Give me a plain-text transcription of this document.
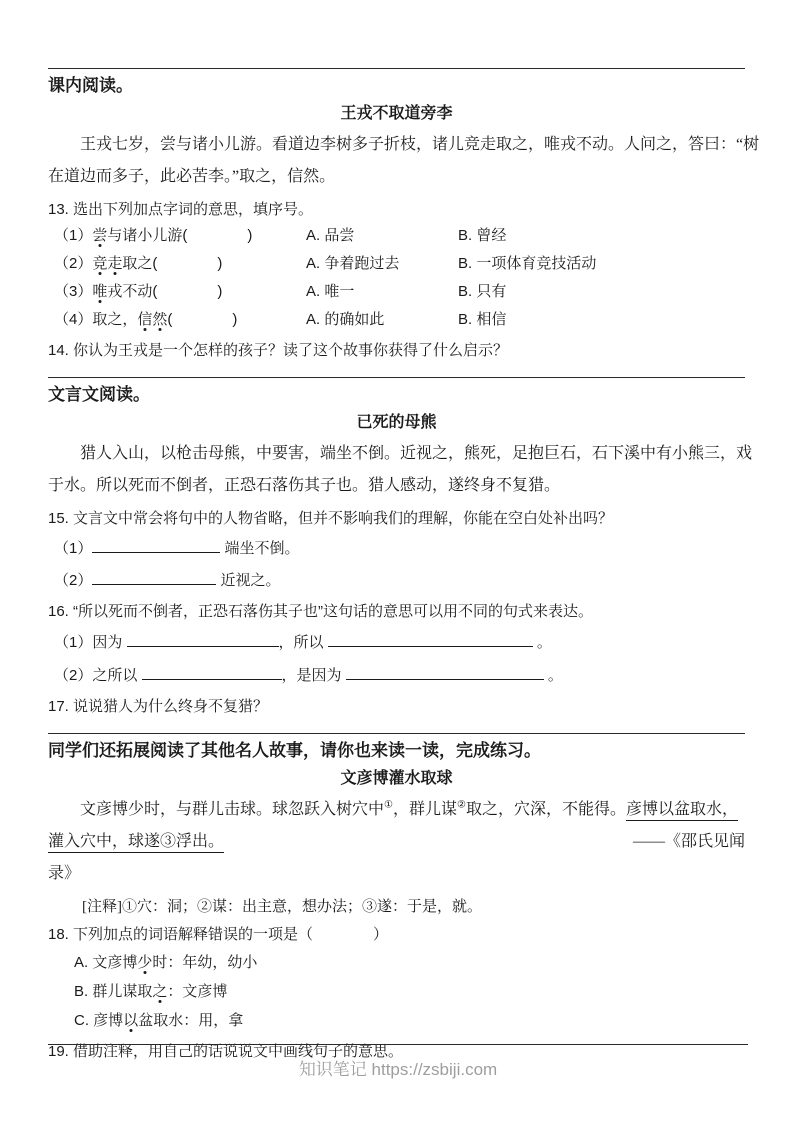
课内阅读。
王戎不取道旁李
王戎七岁，尝与诸小儿游。看道边李树多子折枝，诸儿竞走取之，唯戎不动。人问之，答曰：“树
在道边而多子，此必苦李。”取之，信然。
13. 选出下列加点字词的意思，填序号。
（1）尝与诸小儿游(　　　　)	A. 品尝	B. 曾经
（2）竞走取之(　　　　)	A. 争着跑过去	B. 一项体育竞技活动
（3）唯戎不动(　　　　)	A. 唯一	B. 只有
（4）取之，信然(　　　　)	A. 的确如此	B. 相信
14. 你认为王戎是一个怎样的孩子？读了这个故事你获得了什么启示？
文言文阅读。
已死的母熊
猎人入山，以枪击母熊，中要害，端坐不倒。近视之，熊死，足抱巨石，石下溪中有小熊三，戏
于水。所以死而不倒者，正恐石落伤其子也。猎人感动，遂终身不复猎。
15. 文言文中常会将句中的人物省略，但并不影响我们的理解，你能在空白处补出吗？
（1）	端坐不倒。
（2）	近视之。
16. “所以死而不倒者，正恐石落伤其子也”这句话的意思可以用不同的句式来表达。
（1）因为	，所以	。
（2）之所以	，是因为	。
17. 说说猎人为什么终身不复猎？
同学们还拓展阅读了其他名人故事，请你也来读一读，完成练习。
文彦博灌水取球
文彦博少时，与群儿击球。球忽跃入树穴中①，群儿谋②取之，穴深，不能得。彦博以盆取水，
灌入穴中，球遂③浮出。	——《邵氏见闻
录》
[注释]①穴：洞；②谋：出主意，想办法；③遂：于是，就。
18. 下列加点的词语解释错误的一项是（　　　　）
A. 文彦博少时：年幼，幼小
B. 群儿谋取之：文彦博
C. 彦博以盆取水：用，拿
19. 借助注释，用自己的话说说文中画线句子的意思。
知识笔记 https://zsbiji.com
